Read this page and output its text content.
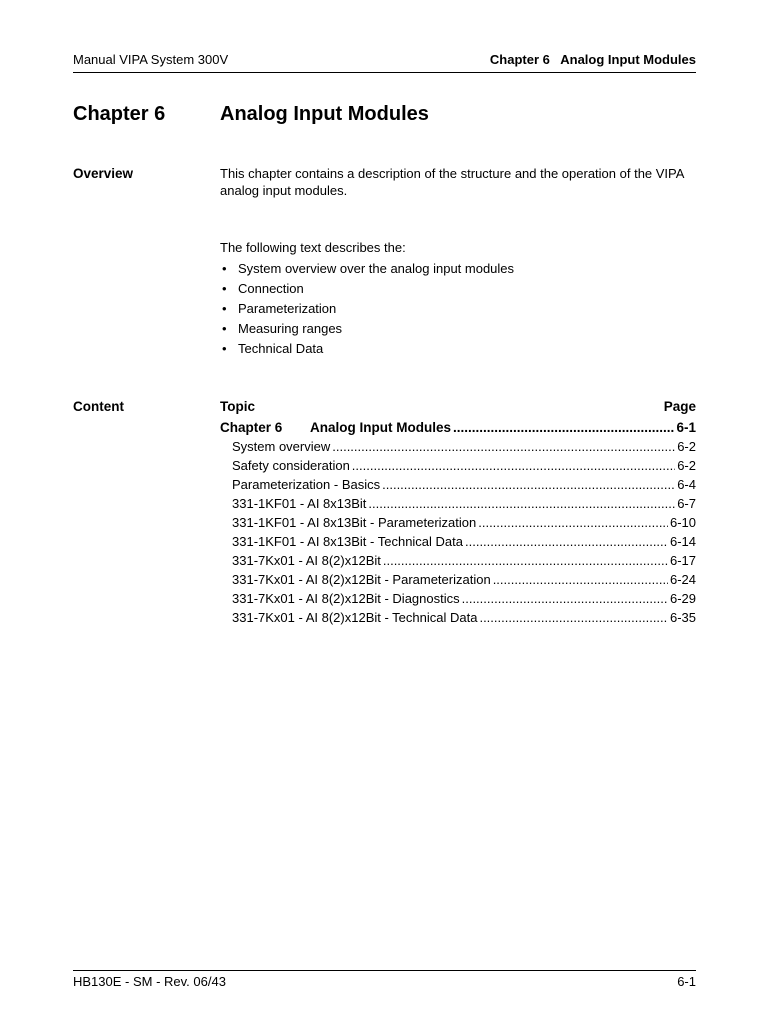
Manual VIPA System 300V	Chapter 6   Analog Input Modules
Chapter 6	Analog Input Modules
Overview	This chapter contains a description of the structure and the operation of the VIPA analog input modules.
The following text describes the:
• System overview over the analog input modules
• Connection
• Parameterization
• Measuring ranges
• Technical Data
Content	Topic	Page
Chapter 6	Analog Input Modules .....	6-1
System overview .....	6-2
Safety consideration .....	6-2
Parameterization - Basics .....	6-4
331-1KF01 - AI 8x13Bit .....	6-7
331-1KF01 - AI 8x13Bit - Parameterization .....	6-10
331-1KF01 - AI 8x13Bit - Technical Data .....	6-14
331-7Kx01 - AI 8(2)x12Bit .....	6-17
331-7Kx01 - AI 8(2)x12Bit - Parameterization .....	6-24
331-7Kx01 - AI 8(2)x12Bit - Diagnostics .....	6-29
331-7Kx01 - AI 8(2)x12Bit - Technical Data .....	6-35
HB130E - SM - Rev. 06/43	6-1
